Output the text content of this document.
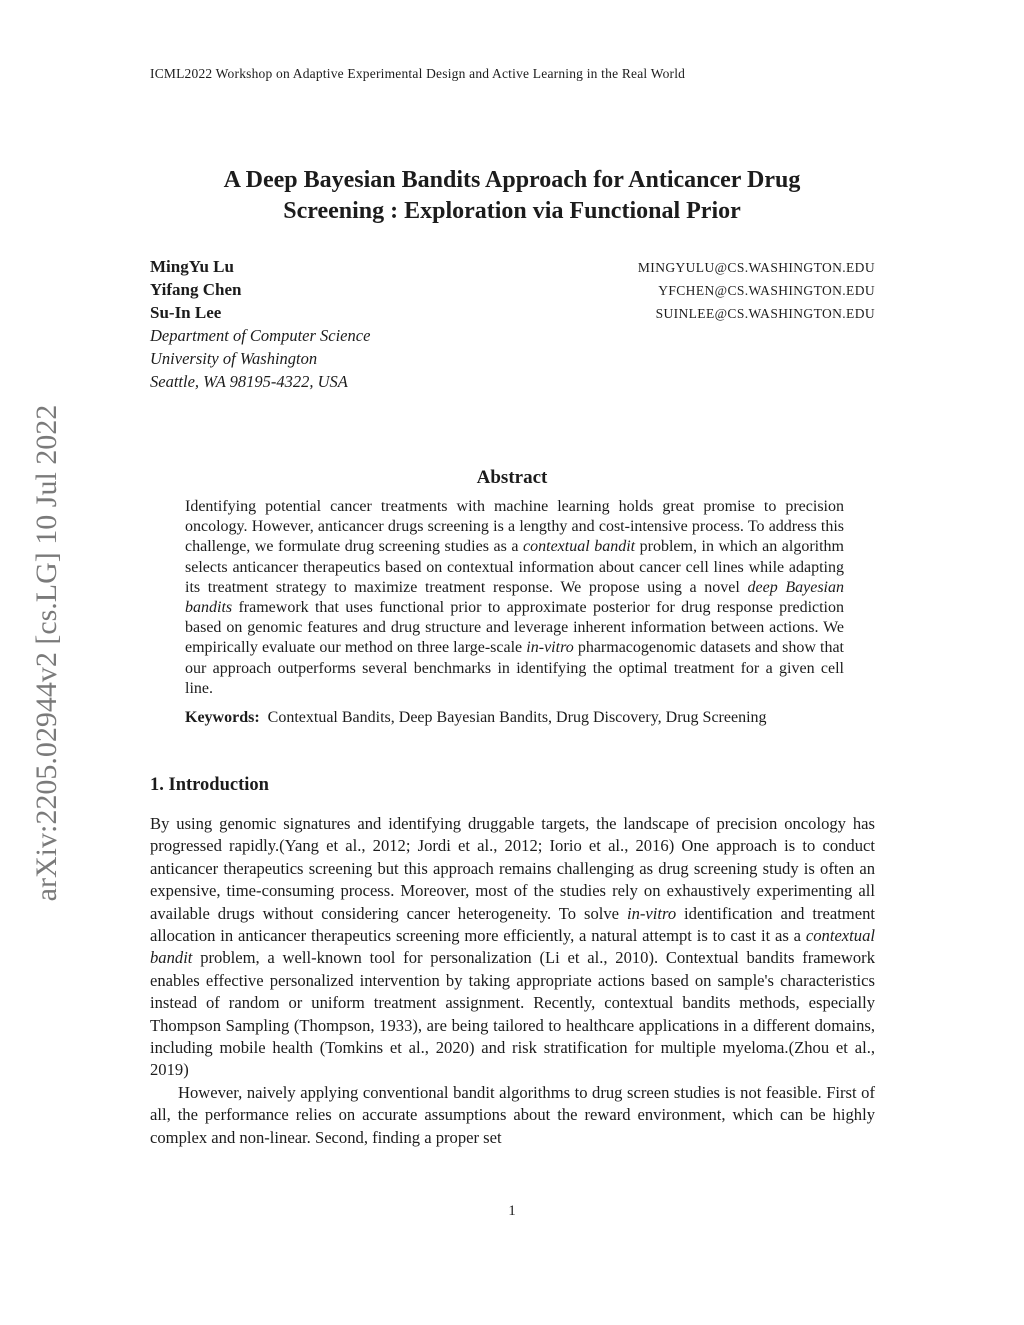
ICML2022 Workshop on Adaptive Experimental Design and Active Learning in the Real World
arXiv:2205.02944v2 [cs.LG] 10 Jul 2022
A Deep Bayesian Bandits Approach for Anticancer Drug
Screening : Exploration via Functional Prior
MingYu Lu	MINGYULU@CS.WASHINGTON.EDU
Yifang Chen	YFCHEN@CS.WASHINGTON.EDU
Su-In Lee	SUINLEE@CS.WASHINGTON.EDU
Department of Computer Science
University of Washington
Seattle, WA 98195-4322, USA
Abstract

Identifying potential cancer treatments with machine learning holds great promise to precision oncology. However, anticancer drugs screening is a lengthy and cost-intensive process. To address this challenge, we formulate drug screening studies as a contextual bandit problem, in which an algorithm selects anticancer therapeutics based on contextual information about cancer cell lines while adapting its treatment strategy to maximize treatment response. We propose using a novel deep Bayesian bandits framework that uses functional prior to approximate posterior for drug response prediction based on genomic features and drug structure and leverage inherent information between actions. We empirically evaluate our method on three large-scale in-vitro pharmacogenomic datasets and show that our approach outperforms several benchmarks in identifying the optimal treatment for a given cell line.

Keywords: Contextual Bandits, Deep Bayesian Bandits, Drug Discovery, Drug Screening

1. Introduction

By using genomic signatures and identifying druggable targets, the landscape of precision oncology has progressed rapidly.(Yang et al., 2012; Jordi et al., 2012; Iorio et al., 2016) One approach is to conduct anticancer therapeutics screening but this approach remains challenging as drug screening study is often an expensive, time-consuming process. Moreover, most of the studies rely on exhaustively experimenting all available drugs without considering cancer heterogeneity. To solve in-vitro identification and treatment allocation in anticancer therapeutics screening more efficiently, a natural attempt is to cast it as a contextual bandit problem, a well-known tool for personalization (Li et al., 2010). Contextual bandits framework enables effective personalized intervention by taking appropriate actions based on sample's characteristics instead of random or uniform treatment assignment. Recently, contextual bandits methods, especially Thompson Sampling (Thompson, 1933), are being tailored to healthcare applications in a different domains, including mobile health (Tomkins et al., 2020) and risk stratification for multiple myeloma.(Zhou et al., 2019)

However, naively applying conventional bandit algorithms to drug screen studies is not feasible. First of all, the performance relies on accurate assumptions about the reward environment, which can be highly complex and non-linear. Second, finding a proper set

1
